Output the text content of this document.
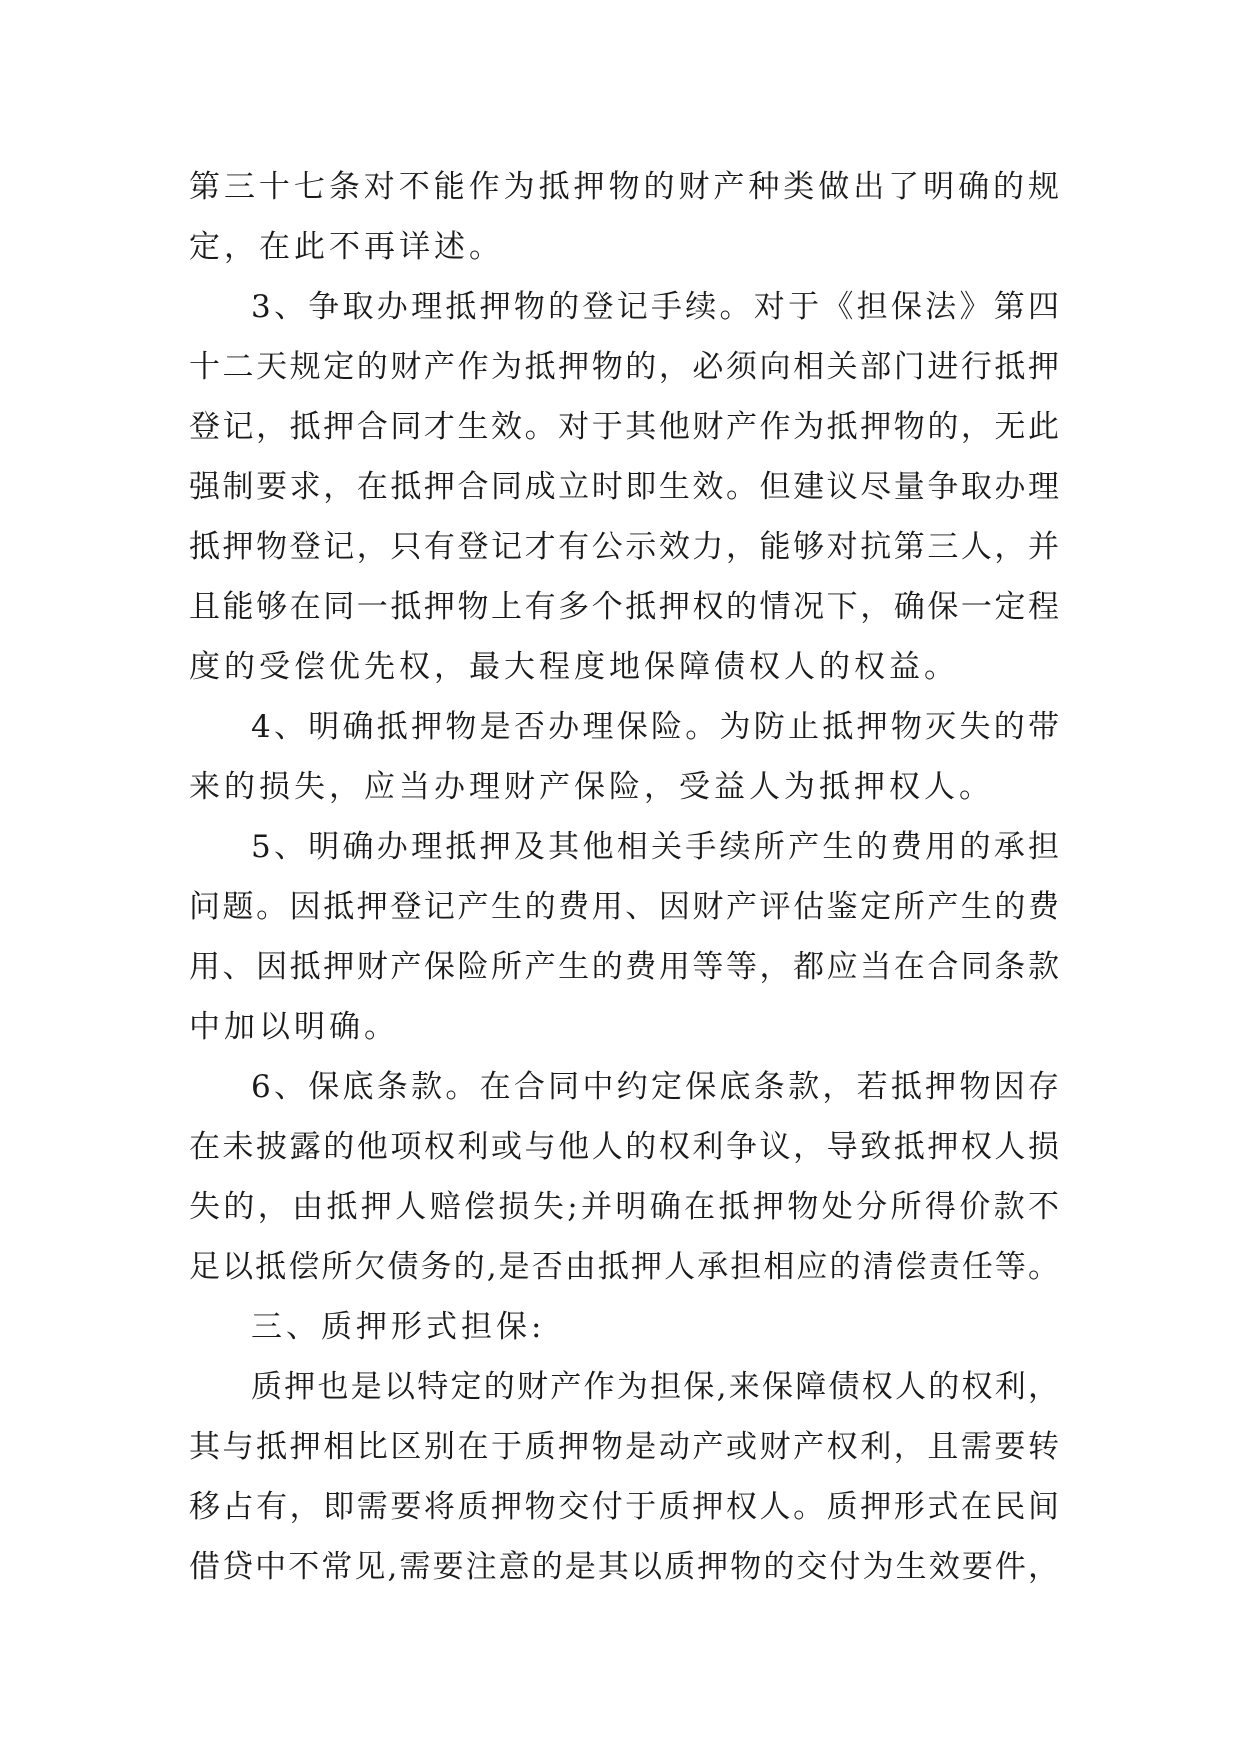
第三十七条对不能作为抵押物的财产种类做出了明确的规
定，在此不再详述。
3、争取办理抵押物的登记手续。对于《担保法》第四
十二天规定的财产作为抵押物的，必须向相关部门进行抵押
登记，抵押合同才生效。对于其他财产作为抵押物的，无此
强制要求，在抵押合同成立时即生效。但建议尽量争取办理
抵押物登记，只有登记才有公示效力，能够对抗第三人，并
且能够在同一抵押物上有多个抵押权的情况下，确保一定程
度的受偿优先权，最大程度地保障债权人的权益。
4、明确抵押物是否办理保险。为防止抵押物灭失的带
来的损失，应当办理财产保险，受益人为抵押权人。
5、明确办理抵押及其他相关手续所产生的费用的承担
问题。因抵押登记产生的费用、因财产评估鉴定所产生的费
用、因抵押财产保险所产生的费用等等，都应当在合同条款
中加以明确。
6、保底条款。在合同中约定保底条款，若抵押物因存
在未披露的他项权利或与他人的权利争议，导致抵押权人损
失的，由抵押人赔偿损失;并明确在抵押物处分所得价款不
足以抵偿所欠债务的,是否由抵押人承担相应的清偿责任等。
三、质押形式担保:
质押也是以特定的财产作为担保,来保障债权人的权利，
其与抵押相比区别在于质押物是动产或财产权利，且需要转
移占有，即需要将质押物交付于质押权人。质押形式在民间
借贷中不常见,需要注意的是其以质押物的交付为生效要件，
